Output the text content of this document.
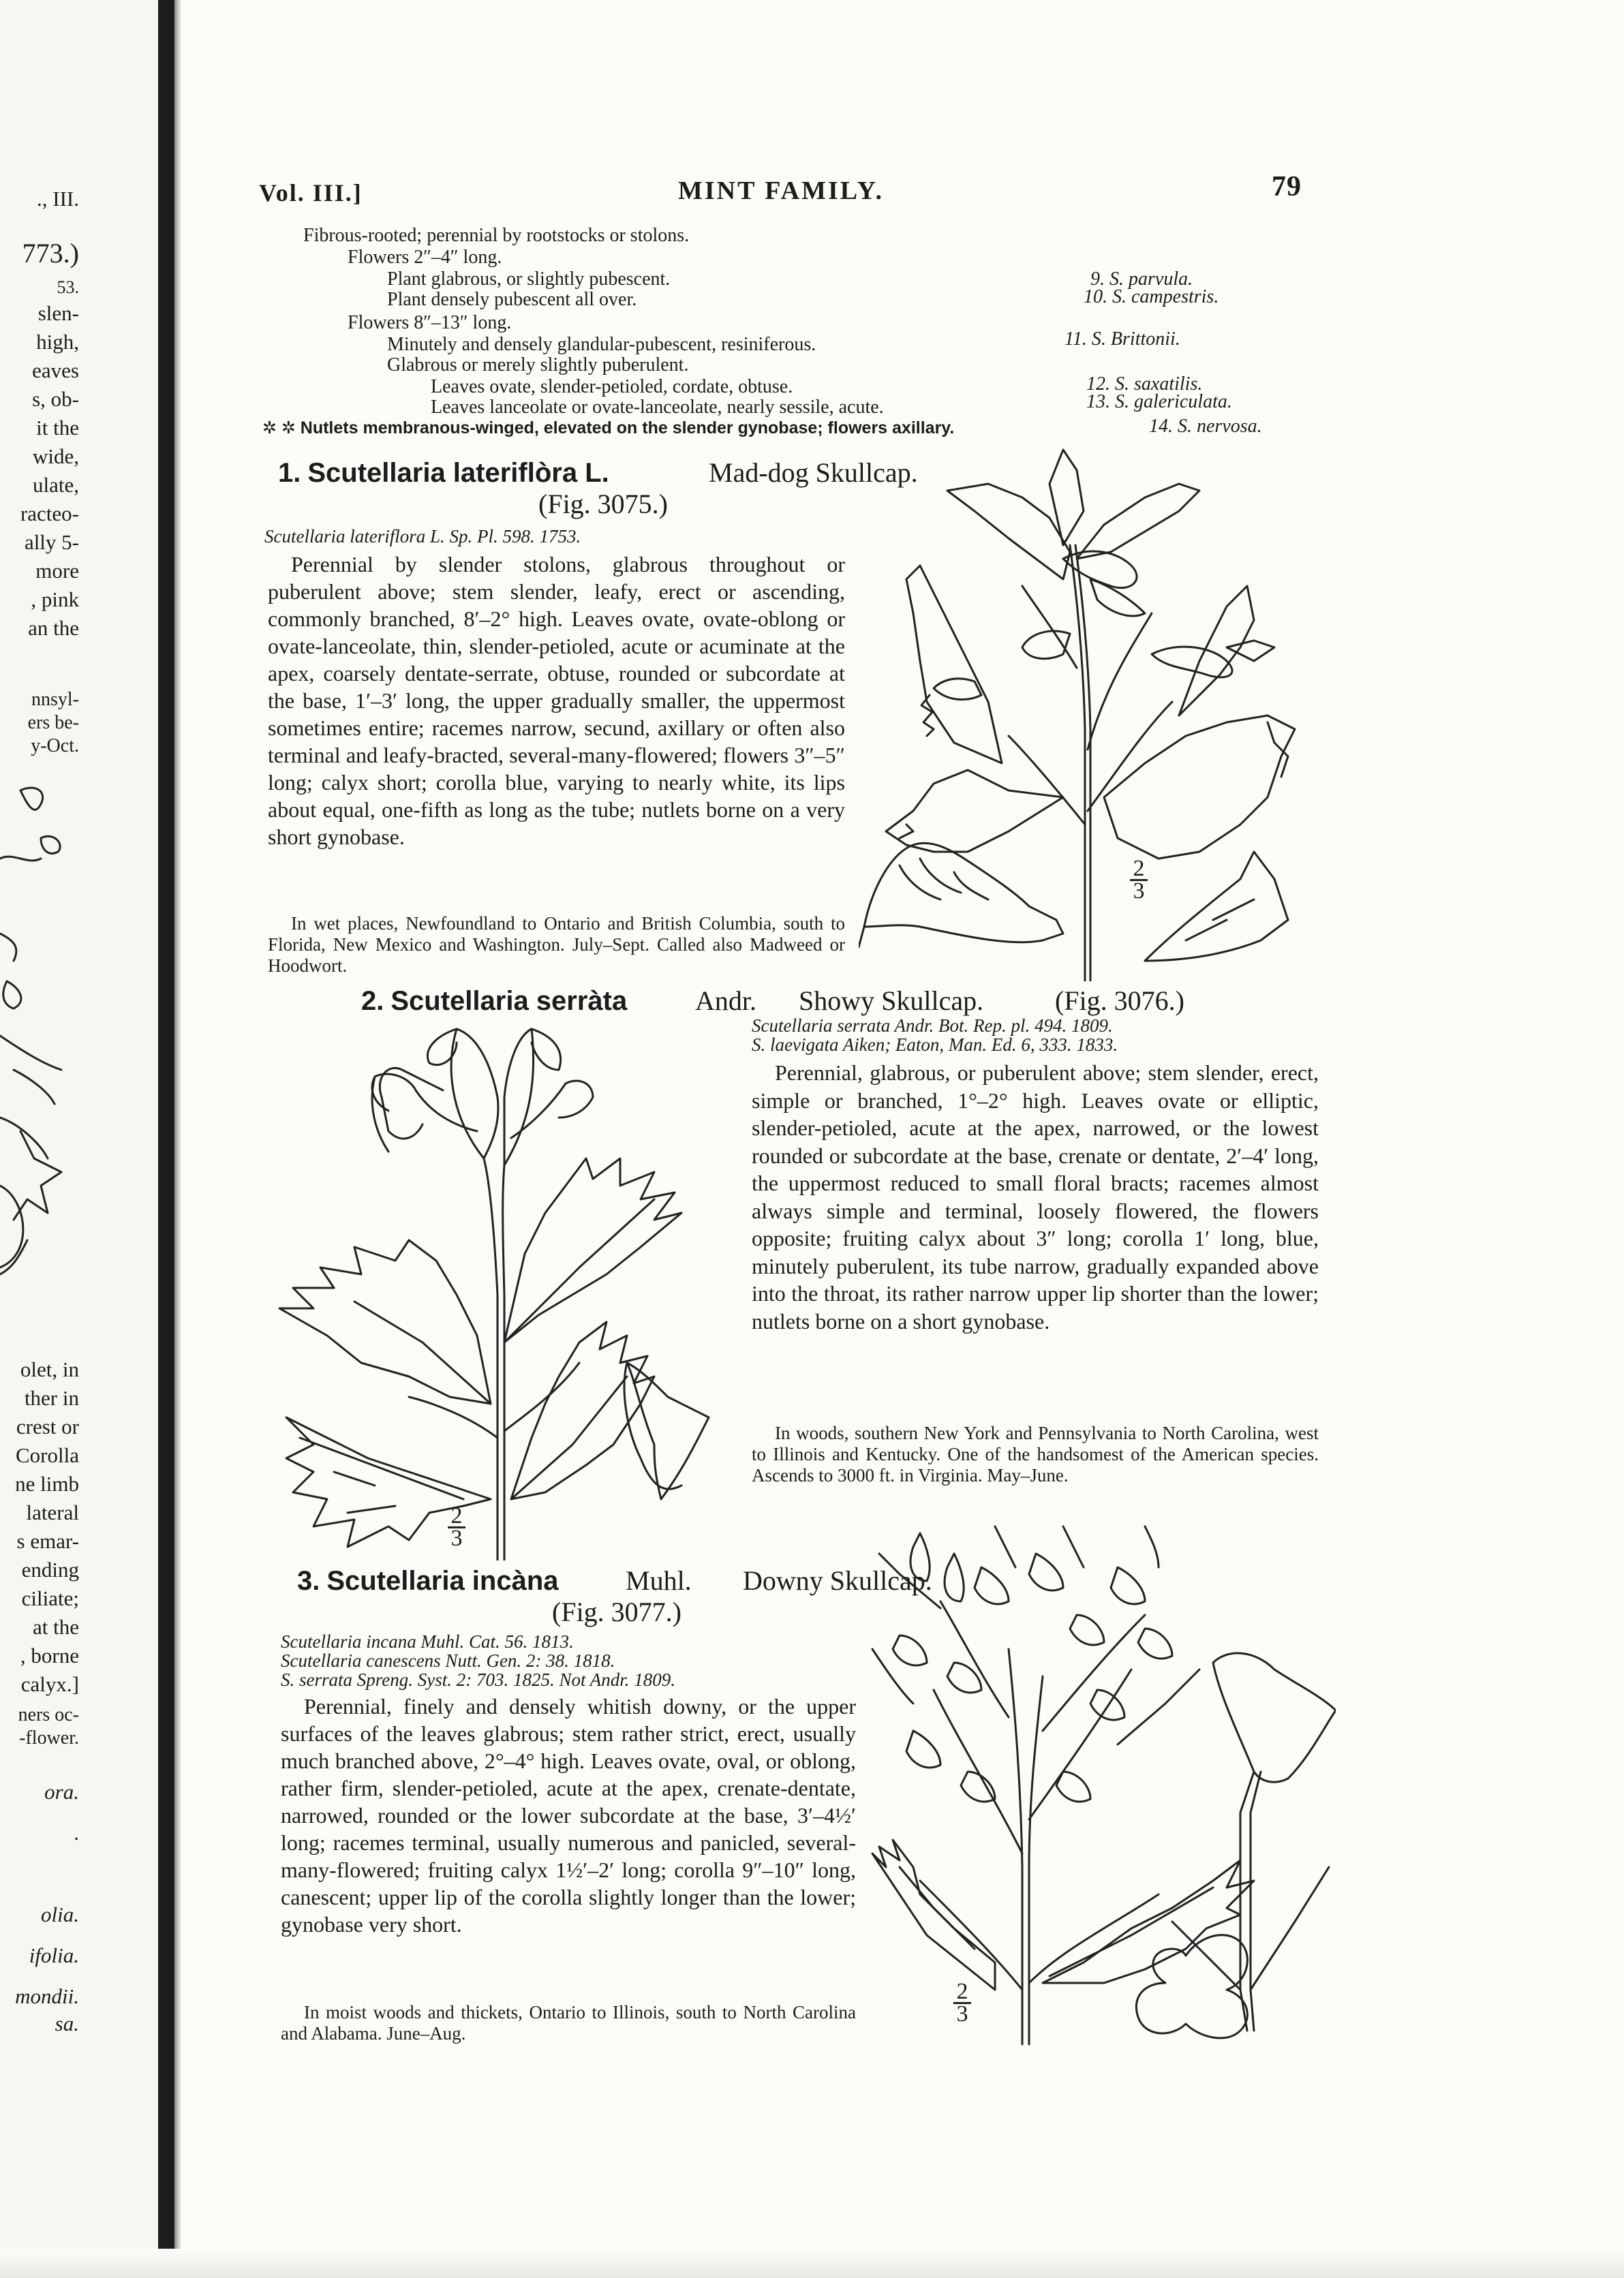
., III.

773.)

53.

slen-

high,

eaves

s, ob-

it the

wide,

ulate,

racteo-

ally 5-

more

, pink

an the

nnsyl-

ers be-

y-Oct.

olet, in

ther in

crest or

Corolla

ne limb

lateral

s emar-

ending

ciliate;

at the

, borne

calyx.]

ners oc-

-flower.

ora.

.

olia.

ifolia.

mondii.

sa.

Vol. III.]	MINT FAMILY.	79

Fibrous-rooted; perennial by rootstocks or stolons.

Flowers 2″–4″ long.

Plant glabrous, or slightly pubescent.	9. S. parvula.

Plant densely pubescent all over.	10. S. campestris.

Flowers 8″–13″ long.

Minutely and densely glandular-pubescent, resiniferous.	11. S. Brittonii.

Glabrous or merely slightly puberulent.

Leaves ovate, slender-petioled, cordate, obtuse.	12. S. saxatilis.

Leaves lanceolate or ovate-lanceolate, nearly sessile, acute.	13. S. galericulata.

✲ ✲ Nutlets membranous-winged, elevated on the slender gynobase; flowers axillary.	14. S. nervosa.

1. Scutellaria lateriflòra L.	Mad-dog Skullcap.

(Fig. 3075.)

Scutellaria lateriflora L. Sp. Pl. 598. 1753.

Perennial by slender stolons, glabrous throughout or puberulent above; stem slender, leafy, erect or ascending, commonly branched, 8′–2° high. Leaves ovate, ovate-oblong or ovate-lanceolate, thin, slender-petioled, acute or acuminate at the apex, coarsely dentate-serrate, obtuse, rounded or subcordate at the base, 1′–3′ long, the upper gradually smaller, the uppermost sometimes entire; racemes narrow, secund, axillary or often also terminal and leafy-bracted, several-many-flowered; flowers 3″–5″ long; calyx short; corolla blue, varying to nearly white, its lips about equal, one-fifth as long as the tube; nutlets borne on a very short gynobase.

In wet places, Newfoundland to Ontario and British Columbia, south to Florida, New Mexico and Washington. July–Sept. Called also Madweed or Hoodwort.

2
3

2. Scutellaria serràta Andr. Showy Skullcap.	(Fig. 3076.)

Scutellaria serrata Andr. Bot. Rep. pl. 494. 1809.

S. laevigata Aiken; Eaton, Man. Ed. 6, 333. 1833.

Perennial, glabrous, or puberulent above; stem slender, erect, simple or branched, 1°–2° high. Leaves ovate or elliptic, slender-petioled, acute at the apex, narrowed, or the lowest rounded or subcordate at the base, crenate or dentate, 2′–4′ long, the uppermost reduced to small floral bracts; racemes almost always simple and terminal, loosely flowered, the flowers opposite; fruiting calyx about 3″ long; corolla 1′ long, blue, minutely puberulent, its tube narrow, gradually expanded above into the throat, its rather narrow upper lip shorter than the lower; nutlets borne on a short gynobase.

In woods, southern New York and Pennsylvania to North Carolina, west to Illinois and Kentucky. One of the handsomest of the American species. Ascends to 3000 ft. in Virginia. May–June.

2
3

3. Scutellaria incàna Muhl. Downy Skullcap.

(Fig. 3077.)

Scutellaria incana Muhl. Cat. 56. 1813.

Scutellaria canescens Nutt. Gen. 2: 38. 1818.

S. serrata Spreng. Syst. 2: 703. 1825. Not Andr. 1809.

Perennial, finely and densely whitish downy, or the upper surfaces of the leaves glabrous; stem rather strict, erect, usually much branched above, 2°–4° high. Leaves ovate, oval, or oblong, rather firm, slender-petioled, acute at the apex, crenate-dentate, narrowed, rounded or the lower subcordate at the base, 3′–4½′ long; racemes terminal, usually numerous and panicled, several-many-flowered; fruiting calyx 1½′–2′ long; corolla 9″–10″ long, canescent; upper lip of the corolla slightly longer than the lower; gynobase very short.

In moist woods and thickets, Ontario to Illinois, south to North Carolina and Alabama. June–Aug.

2
3
